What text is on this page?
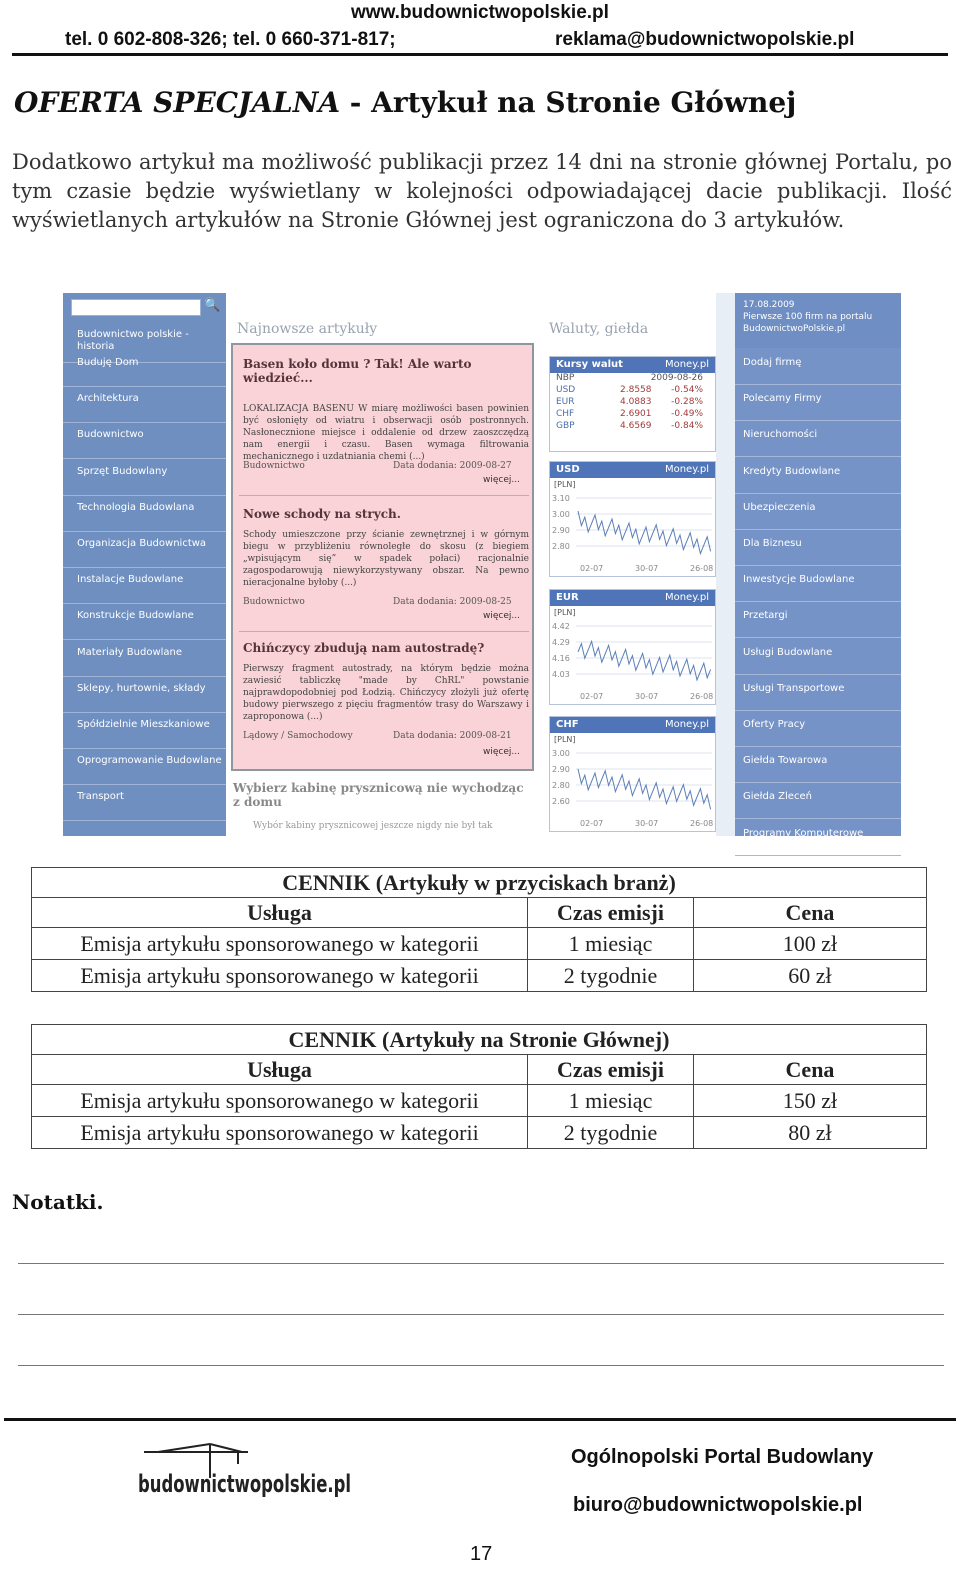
www.budownictwopolskie.pl
tel. 0 602-808-326; tel. 0 660-371-817;	reklama@budownictwopolskie.pl
OFERTA SPECJALNA - Artykuł na Stronie Głównej

Dodatkowo artykuł ma możliwość publikacji przez 14 dni na stronie głównej Portalu, po tym czasie będzie wyświetlany w kolejności odpowiadającej dacie publikacji. Ilość wyświetlanych artykułów na Stronie Głównej jest ograniczona do 3 artykułów.

🔍
Budownictwo polskie - historia
Buduję Dom
Architektura
Budownictwo
Sprzęt Budowlany
Technologia Budowlana
Organizacja Budownictwa
Instalacje Budowlane
Konstrukcje Budowlane
Materiały Budowlane
Sklepy, hurtownie, składy
Spółdzielnie Mieszkaniowe
Oprogramowanie Budowlane
Transport
Najnowsze artykuły	Waluty, giełda
Basen koło domu ? Tak! Ale warto wiedzieć...
LOKALIZACJA BASENU W miarę możliwości basen powinien być osłonięty od wiatru i obserwacji osób postronnych. Nasłonecznione miejsce i oddalenie od drzew zaoszczędzą nam energii i czasu. Basen wymaga filtrowania mechanicznego i uzdatniania chemi (...)
Budownictwo	Data dodania: 2009-08-27
więcej...
Nowe schody na strych.
Schody umieszczone przy ścianie zewnętrznej i w górnym biegu w przybliżeniu równoległe do skosu (z biegiem „wpisującym się” w spadek połaci) racjonalnie zagospodarowują niewykorzystywany obszar. Na pewno nieracjonalne byłoby (...)
Budownictwo	Data dodania: 2009-08-25
więcej...
Chińczycy zbudują nam autostradę?
Pierwszy fragment autostrady, na którym będzie można zawiesić tabliczkę "made by ChRL" powstanie najprawdopodobniej pod Łodzią. Chińczycy złożyli już ofertę budowy pierwszego z pięciu fragmentów trasy do Warszawy i zaproponowa (...)
Lądowy / Samochodowy	Data dodania: 2009-08-21
więcej...
Wybierz kabinę prysznicową nie wychodząc z domu
Wybór kabiny prysznicowej jeszcze nigdy nie był tak
Kursy walut	Money.pl
NBP	2009-08-26
USD	2.8558 -0.54%
EUR	4.0883 -0.28%
CHF	2.6901 -0.49%
GBP	4.6569 -0.84%
USD	Money.pl
[PLN]
3.10
3.00
2.90
2.80
02-07	30-07	26-08
EUR	Money.pl
[PLN]
4.42
4.29
4.16
4.03
02-07	30-07	26-08
CHF	Money.pl
[PLN]
3.00
2.90
2.80
2.60
02-07	30-07	26-08
17.08.2009
Pierwsze 100 firm na portalu BudownictwoPolskie.pl
Dodaj firmę
Polecamy Firmy
Nieruchomości
Kredyty Budowlane
Ubezpieczenia
Dla Biznesu
Inwestycje Budowlane
Przetargi
Usługi Budowlane
Usługi Transportowe
Oferty Pracy
Giełda Towarowa
Giełda Zleceń
Programy Komputerowe
CENNIK (Artykuły w przyciskach branż)		
Usługa	Czas emisji	Cena
Emisja artykułu sponsorowanego w kategorii	1 miesiąc	100 zł
Emisja artykułu sponsorowanego w kategorii	2 tygodnie	60 zł
CENNIK (Artykuły na Stronie Głównej)		
Usługa	Czas emisji	Cena
Emisja artykułu sponsorowanego w kategorii	1 miesiąc	150 zł
Emisja artykułu sponsorowanego w kategorii	2 tygodnie	80 zł
Notatki.
budownictwopolskie.pl
Ogólnopolski Portal Budowlany
biuro@budownictwopolskie.pl
17
